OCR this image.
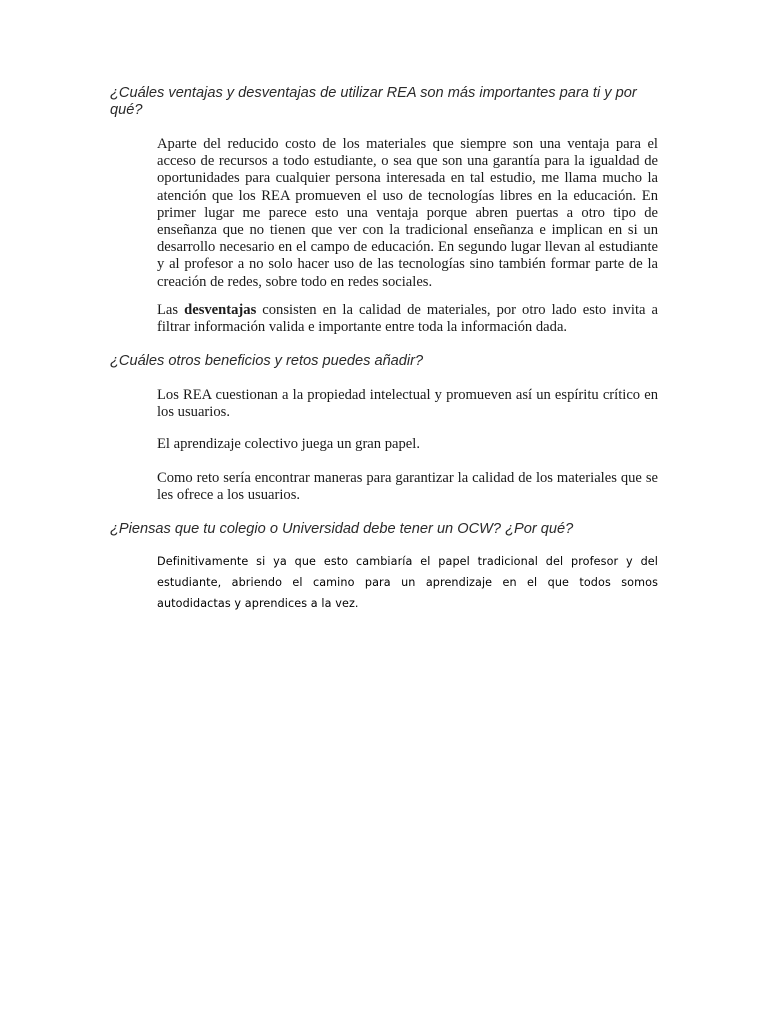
¿Cuáles ventajas y desventajas de utilizar REA son más importantes para ti y por qué?

Aparte del reducido costo de los materiales que siempre son una ventaja para el acceso de recursos a todo estudiante, o sea que son una garantía para la igualdad de oportunidades para cualquier persona interesada en tal estudio, me llama mucho la atención que los REA promueven el uso de tecnologías libres en la educación. En primer lugar me parece esto una ventaja porque abren puertas a otro tipo de enseñanza que no tienen que ver con la tradicional enseñanza e implican en si un desarrollo necesario en el campo de educación. En segundo lugar llevan al estudiante y al profesor a no solo hacer uso de las tecnologías sino también formar parte de la creación de redes, sobre todo en redes sociales.

Las desventajas consisten en la calidad de materiales, por otro lado esto invita a filtrar información valida e importante entre toda la información dada.

¿Cuáles otros beneficios y retos puedes añadir?

Los REA cuestionan a la propiedad intelectual y promueven así un espíritu crítico en los usuarios.

El aprendizaje colectivo juega un gran papel.

Como reto sería encontrar maneras para garantizar la calidad de los materiales que se les ofrece a los usuarios.

¿Piensas que tu colegio o Universidad debe tener un OCW? ¿Por qué?

Definitivamente si ya que esto cambiaría el papel tradicional del profesor y del estudiante, abriendo el camino para un aprendizaje en el que todos somos autodidactas y aprendices a la vez.
